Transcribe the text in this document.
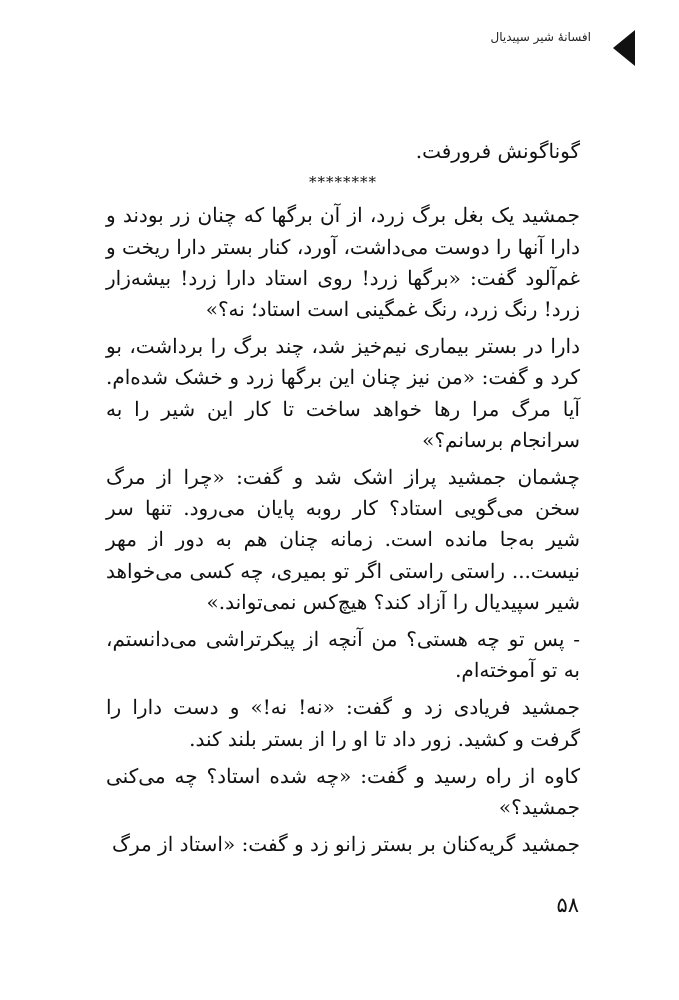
افسانهٔ شیر سپیدیال

گوناگونش فرورفت.

********

جمشید یک بغل برگ زرد، از آن برگها که چنان زر بودند و دارا آنها را دوست می‌داشت، آورد، کنار بستر دارا ریخت و غم‌آلود گفت: «برگها زرد! روی استاد دارا زرد! بیشه‌زار زرد! رنگ زرد، رنگ غمگینی است استاد؛ نه؟»

دارا در بستر بیماری نیم‌خیز شد، چند برگ را برداشت، بو کرد و گفت: «من نیز چنان این برگها زرد و خشک شده‌ام. آیا مرگ مرا رها خواهد ساخت تا کار این شیر را به سرانجام برسانم؟»

چشمان جمشید پراز اشک شد و گفت: «چرا از مرگ سخن می‌گویی استاد؟ کار روبه پایان می‌رود. تنها سر شیر به‌جا مانده است. زمانه چنان هم به دور از مهر نیست... راستی راستی اگر تو بمیری، چه کسی می‌خواهد شیر سپیدیال را آزاد کند؟ هیچ‌کس نمی‌تواند.»

- پس تو چه هستی؟ من آنچه از پیکرتراشی می‌دانستم، به تو آموخته‌ام.

جمشید فریادی زد و گفت: «نه! نه!» و دست دارا را گرفت و کشید. زور داد تا او را از بستر بلند کند.

کاوه از راه رسید و گفت: «چه شده استاد؟ چه می‌کنی جمشید؟»

جمشید گریه‌کنان بر بستر زانو زد و گفت: «استاد از مرگ

۵۸
